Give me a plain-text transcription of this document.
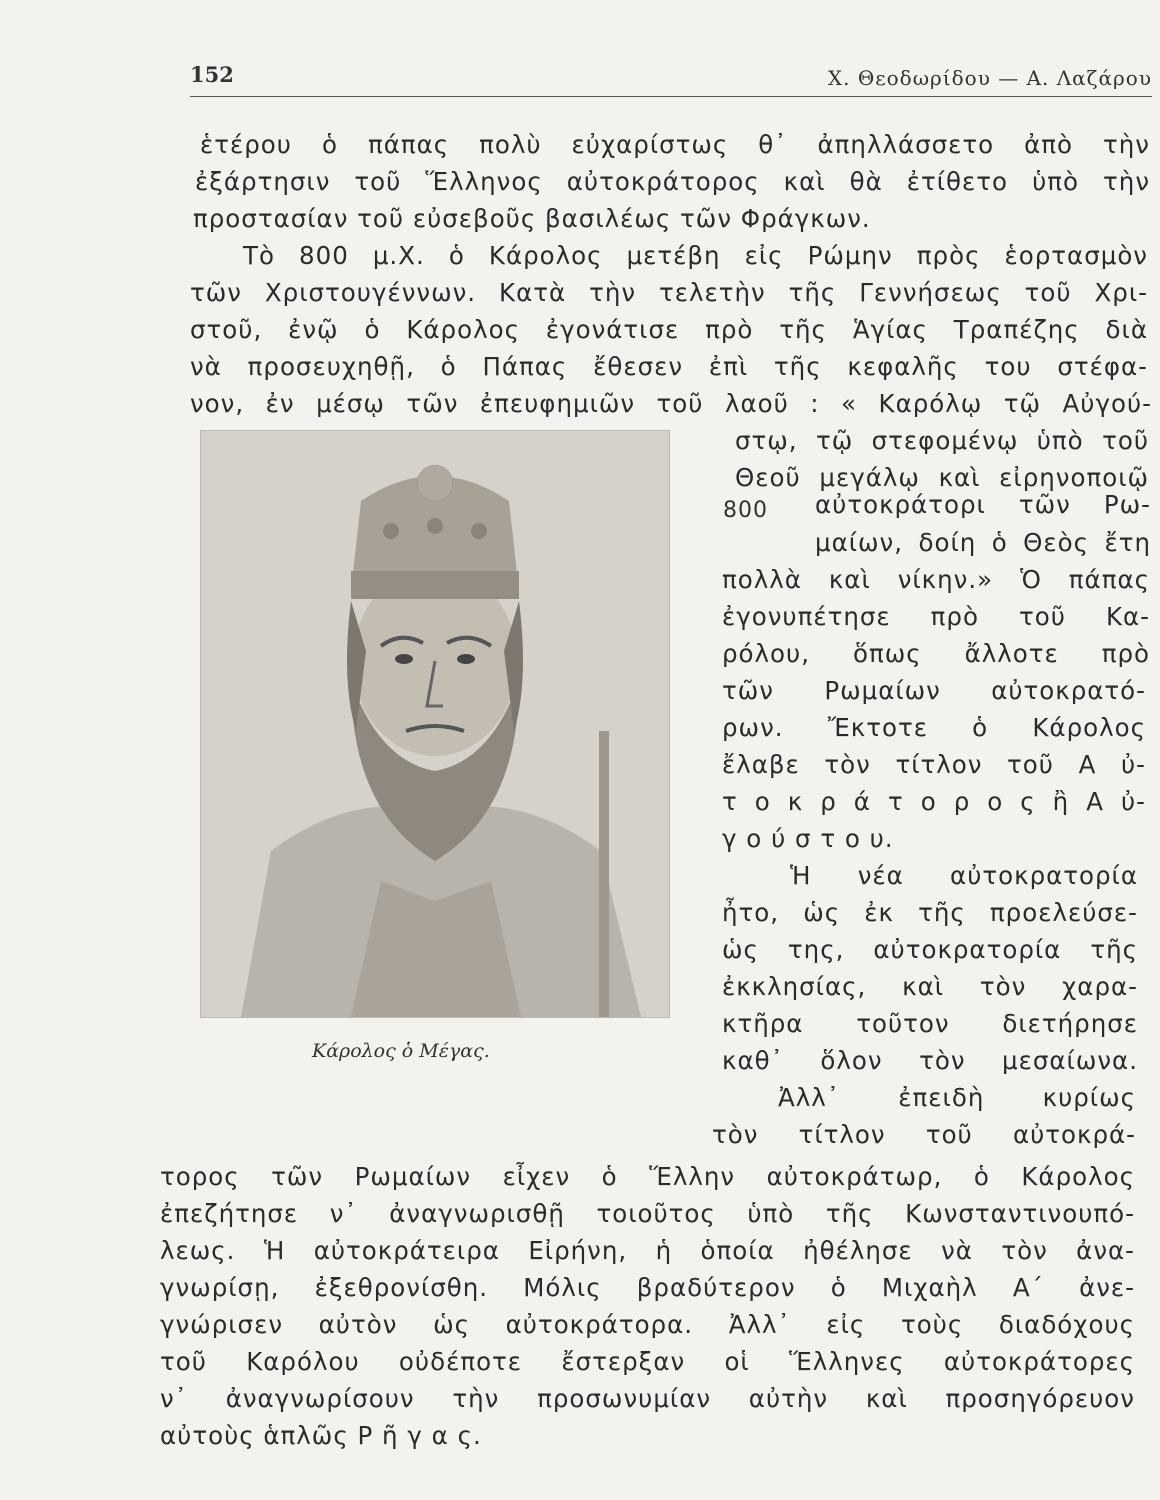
152	Χ. Θεοδωρίδου — Α. Λαζάρου
ἑτέρου ὁ πάπας πολὺ εὐχαρίστως θ᾽ ἀπηλλάσσετο ἀπὸ τὴν
ἐξάρτησιν τοῦ Ἕλληνος αὐτοκράτορος καὶ θὰ ἐτίθετο ὑπὸ τὴν
προστασίαν τοῦ εὐσεβοῦς βασιλέως τῶν Φράγκων.
Τὸ 800 μ.Χ. ὁ Κάρολος μετέβη εἰς Ρώμην πρὸς ἑορτασμὸν
τῶν Χριστουγέννων. Κατὰ τὴν τελετὴν τῆς Γεννήσεως τοῦ Χρι-
στοῦ, ἐνῷ ὁ Κάρολος ἐγονάτισε πρὸ τῆς Ἁγίας Τραπέζης διὰ
νὰ προσευχηθῇ, ὁ Πάπας ἔθεσεν ἐπὶ τῆς κεφαλῆς του στέφα-
νον, ἐν μέσῳ τῶν ἐπευφημιῶν τοῦ λαοῦ : « Καρόλῳ τῷ Αὐγού-
Κάρολος ὁ Μέγας.
στῳ, τῷ στεφομένῳ ὑπὸ τοῦ
Θεοῦ μεγάλῳ καὶ εἰρηνοποιῷ
αὐτοκράτορι τῶν Ρω-
800
μαίων, δοίη ὁ Θεὸς ἔτη
πολλὰ καὶ νίκην.» Ὁ πάπας
ἐγονυπέτησε πρὸ τοῦ Κα-
ρόλου, ὅπως ἄλλοτε πρὸ
τῶν Ρωμαίων αὐτοκρατό-
ρων. Ἔκτοτε ὁ Κάρολος
ἔλαβε τὸν τίτλον τοῦ Α ὐ-
τ ο κ ρ ά τ ο ρ ο ς ἢ Α ὐ-
γ ο ύ σ τ ο υ.
Ἡ νέα αὐτοκρατορία
ἦτο, ὡς ἐκ τῆς προελεύσε-
ὡς της, αὐτοκρατορία τῆς
ἐκκλησίας, καὶ τὸν χαρα-
κτῆρα τοῦτον διετήρησε
καθ᾽ ὅλον τὸν μεσαίωνα.
Ἀλλ᾽ ἐπειδὴ κυρίως
τὸν τίτλον τοῦ αὐτοκρά-
τορος τῶν Ρωμαίων εἶχεν ὁ Ἕλλην αὐτοκράτωρ, ὁ Κάρολος
ἐπεζήτησε ν᾽ ἀναγνωρισθῇ τοιοῦτος ὑπὸ τῆς Κωνσταντινουπό-
λεως. Ἡ αὐτοκράτειρα Εἰρήνη, ἡ ὁποία ἠθέλησε νὰ τὸν ἀνα-
γνωρίσῃ, ἐξεθρονίσθη. Μόλις βραδύτερον ὁ Μιχαὴλ Α´ ἀνε-
γνώρισεν αὐτὸν ὡς αὐτοκράτορα. Ἀλλ᾽ εἰς τοὺς διαδόχους
τοῦ Καρόλου οὐδέποτε ἔστερξαν οἱ Ἕλληνες αὐτοκράτορες
ν᾽ ἀναγνωρίσουν τὴν προσωνυμίαν αὐτὴν καὶ προσηγόρευον
αὐτοὺς ἁπλῶς Ρ ῆ γ α ς.
